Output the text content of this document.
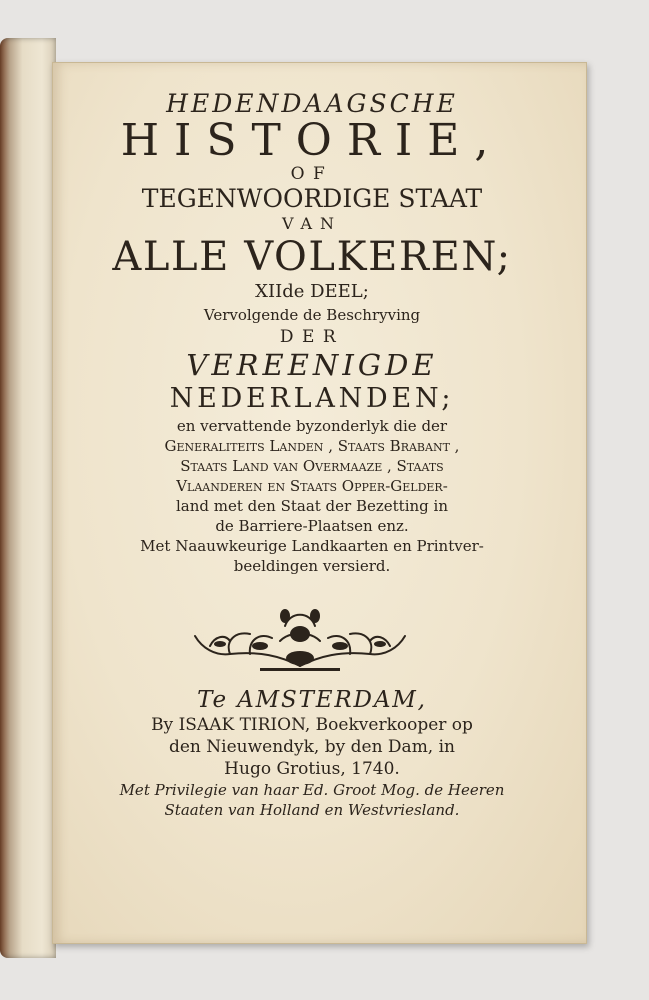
HEDENDAAGSCHE

HISTORIE,

OF

TEGENWOORDIGE STAAT

VAN

ALLE VOLKEREN;

XIIde DEEL;

Vervolgende de Beschryving

DER

VEREENIGDE

NEDERLANDEN;

en vervattende byzonderlyk die der

Generaliteits Landen , Staats Brabant ,

Staats Land van Overmaaze , Staats

Vlaanderen en Staats Opper-Gelder-

land met den Staat der Bezetting in

de Barriere-Plaatsen enz.

Met Naauwkeurige Landkaarten en Printver-

beeldingen versierd.

Te AMSTERDAM,

By ISAAK TIRION, Boekverkooper op

den Nieuwendyk, by den Dam, in

Hugo Grotius, 1740.

Met Privilegie van haar Ed. Groot Mog. de Heeren

Staaten van Holland en Westvriesland.
